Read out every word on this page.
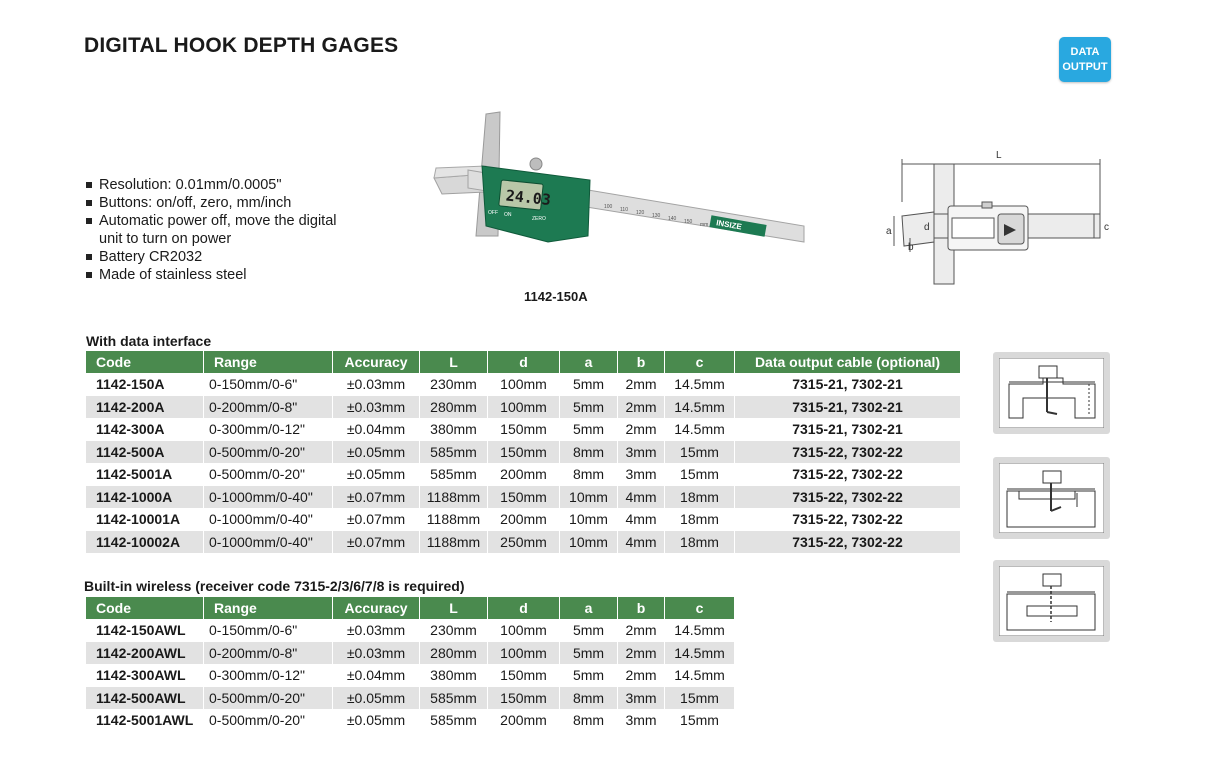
DIGITAL HOOK DEPTH GAGES	DATA
OUTPUT
Resolution: 0.01mm/0.0005"
Buttons: on/off, zero, mm/inch
Automatic power off, move the digital unit to turn on power
Battery CR2032
Made of stainless steel
100 110 120 130 140 150 mm
24.03
OFF ON
ZERO	INSIZE
1142-150A
L
d
a
b
c
With data interface
Code	Range	Accuracy	L	d	a	b	c	Data output cable (optional)
1142-150A	0-150mm/0-6"	±0.03mm	230mm	100mm	5mm	2mm	14.5mm	7315-21, 7302-21
1142-200A	0-200mm/0-8"	±0.03mm	280mm	100mm	5mm	2mm	14.5mm	7315-21, 7302-21
1142-300A	0-300mm/0-12"	±0.04mm	380mm	150mm	5mm	2mm	14.5mm	7315-21, 7302-21
1142-500A	0-500mm/0-20"	±0.05mm	585mm	150mm	8mm	3mm	15mm	7315-22, 7302-22
1142-5001A	0-500mm/0-20"	±0.05mm	585mm	200mm	8mm	3mm	15mm	7315-22, 7302-22
1142-1000A	0-1000mm/0-40"	±0.07mm	1188mm	150mm	10mm	4mm	18mm	7315-22, 7302-22
1142-10001A	0-1000mm/0-40"	±0.07mm	1188mm	200mm	10mm	4mm	18mm	7315-22, 7302-22
1142-10002A	0-1000mm/0-40"	±0.07mm	1188mm	250mm	10mm	4mm	18mm	7315-22, 7302-22
Built-in wireless (receiver code 7315-2/3/6/7/8 is required)
Code	Range	Accuracy	L	d	a	b	c
1142-150AWL	0-150mm/0-6"	±0.03mm	230mm	100mm	5mm	2mm	14.5mm
1142-200AWL	0-200mm/0-8"	±0.03mm	280mm	100mm	5mm	2mm	14.5mm
1142-300AWL	0-300mm/0-12"	±0.04mm	380mm	150mm	5mm	2mm	14.5mm
1142-500AWL	0-500mm/0-20"	±0.05mm	585mm	150mm	8mm	3mm	15mm
1142-5001AWL	0-500mm/0-20"	±0.05mm	585mm	200mm	8mm	3mm	15mm
